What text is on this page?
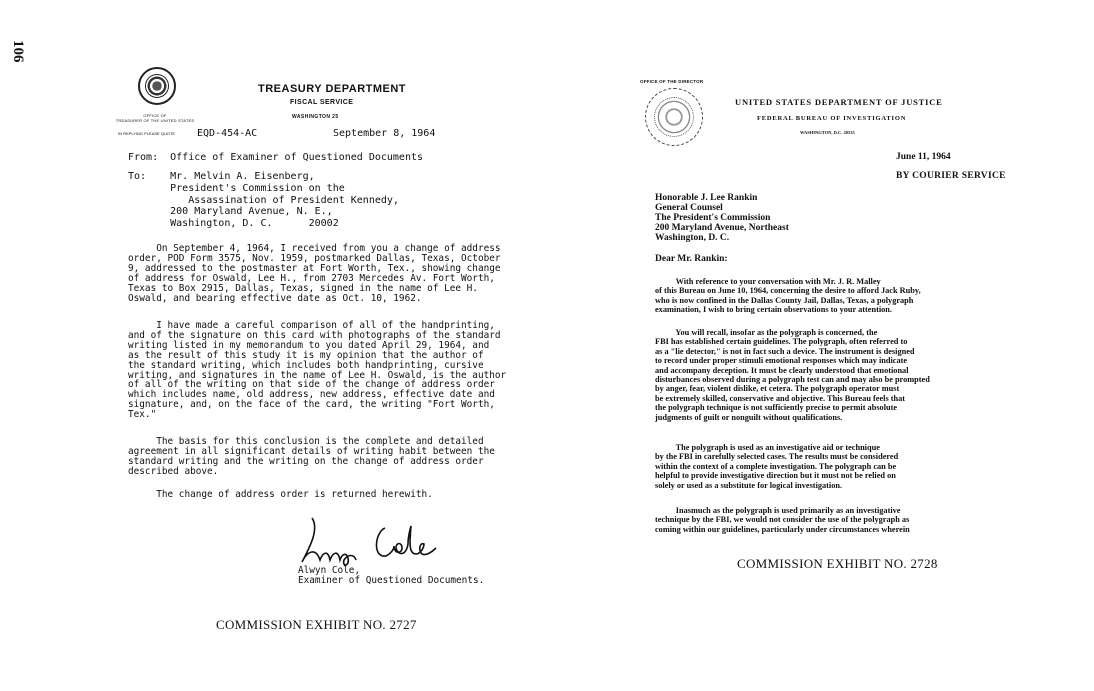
106
OFFICE OF
TREASURER OF THE UNITED STATES
TREASURY DEPARTMENT
FISCAL SERVICE
WASHINGTON 25
IN REPLYING PLEASE QUOTE EQD-454-AC	September 8, 1964
From:  Office of Examiner of Questioned Documents
To:    Mr. Melvin A. Eisenberg,
President's Commission on the
Assassination of President Kennedy,
200 Maryland Avenue, N. E.,
Washington, D. C.      20002
On September 4, 1964, I received from you a change of address
order, POD Form 3575, Nov. 1959, postmarked Dallas, Texas, October
9, addressed to the postmaster at Fort Worth, Tex., showing change
of address for Oswald, Lee H., from 2703 Mercedes Av. Fort Worth,
Texas to Box 2915, Dallas, Texas, signed in the name of Lee H.
Oswald, and bearing effective date as Oct. 10, 1962.
I have made a careful comparison of all of the handprinting,
and of the signature on this card with photographs of the standard
writing listed in my memorandum to you dated April 29, 1964, and
as the result of this study it is my opinion that the author of
the standard writing, which includes both handprinting, cursive
writing, and signatures in the name of Lee H. Oswald, is the author
of all of the writing on that side of the change of address order
which includes name, old address, new address, effective date and
signature, and, on the face of the card, the writing "Fort Worth,
Tex."
The basis for this conclusion is the complete and detailed
agreement in all significant details of writing habit between the
standard writing and the writing on the change of address order
described above.
The change of address order is returned herewith.
Alwyn Cole,
Examiner of Questioned Documents.
COMMISSION EXHIBIT NO. 2727
OFFICE OF THE DIRECTOR
UNITED STATES DEPARTMENT OF JUSTICE
FEDERAL BUREAU OF INVESTIGATION
WASHINGTON, D.C. 20535
June 11, 1964
BY COURIER SERVICE
Honorable J. Lee Rankin
General Counsel
The President's Commission
200 Maryland Avenue, Northeast
Washington, D. C.
Dear Mr. Rankin:
With reference to your conversation with Mr. J. R. Malley
of this Bureau on June 10, 1964, concerning the desire to afford Jack Ruby,
who is now confined in the Dallas County Jail, Dallas, Texas, a polygraph
examination, I wish to bring certain observations to your attention.
You will recall, insofar as the polygraph is concerned, the
FBI has established certain guidelines. The polygraph, often referred to
as a "lie detector," is not in fact such a device. The instrument is designed
to record under proper stimuli emotional responses which may indicate
and accompany deception. It must be clearly understood that emotional
disturbances observed during a polygraph test can and may also be prompted
by anger, fear, violent dislike, et cetera. The polygraph operator must
be extremely skilled, conservative and objective. This Bureau feels that
the polygraph technique is not sufficiently precise to permit absolute
judgments of guilt or nonguilt without qualifications.
The polygraph is used as an investigative aid or technique
by the FBI in carefully selected cases. The results must be considered
within the context of a complete investigation. The polygraph can be
helpful to provide investigative direction but it must not be relied on
solely or used as a substitute for logical investigation.
Inasmuch as the polygraph is used primarily as an investigative
technique by the FBI, we would not consider the use of the polygraph as
coming within our guidelines, particularly under circumstances wherein
COMMISSION EXHIBIT NO. 2728
